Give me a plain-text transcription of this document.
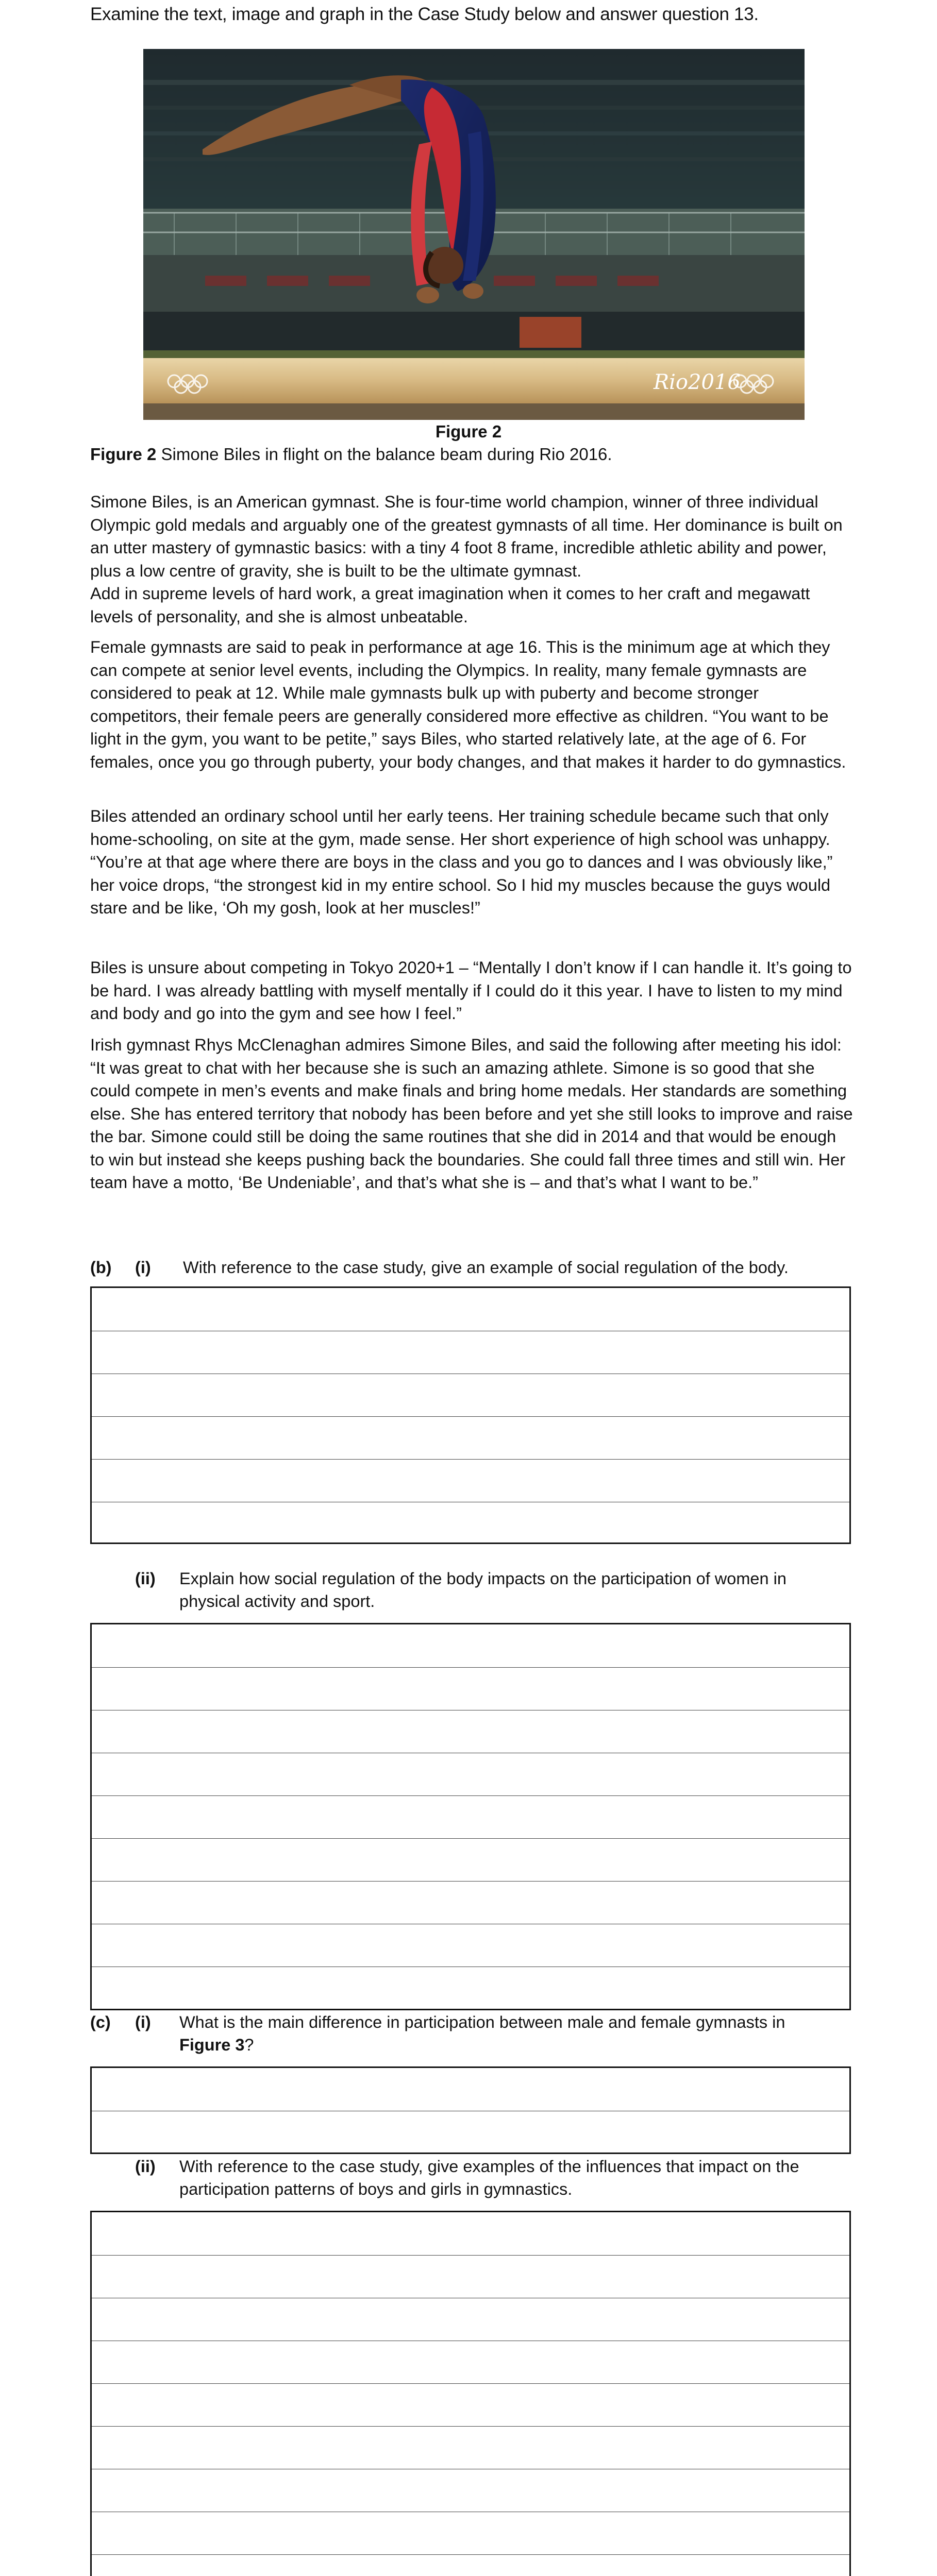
Examine the text, image and graph in the Case Study below and answer question 13.
Rio2016
Figure 2
Figure 2 Simone Biles in flight on the balance beam during Rio 2016.

Simone Biles, is an American gymnast. She is four-time world champion, winner of three individual Olympic gold medals and arguably one of the greatest gymnasts of all time. Her dominance is built on an utter mastery of gymnastic basics: with a tiny 4 foot 8 frame, incredible athletic ability and power, plus a low centre of gravity, she is built to be the ultimate gymnast.

Add in supreme levels of hard work, a great imagination when it comes to her craft and megawatt levels of personality, and she is almost unbeatable.

Female gymnasts are said to peak in performance at age 16. This is the minimum age at which they can compete at senior level events, including the Olympics. In reality, many female gymnasts are considered to peak at 12. While male gymnasts bulk up with puberty and become stronger competitors, their female peers are generally considered more effective as children. “You want to be light in the gym, you want to be petite,” says Biles, who started relatively late, at the age of 6. For females, once you go through puberty, your body changes, and that makes it harder to do gymnastics.

Biles attended an ordinary school until her early teens. Her training schedule became such that only home-schooling, on site at the gym, made sense. Her short experience of high school was unhappy. “You’re at that age where there are boys in the class and you go to dances and I was obviously like,” her voice drops, “the strongest kid in my entire school. So I hid my muscles because the guys would stare and be like, ‘Oh my gosh, look at her muscles!”

Biles is unsure about competing in Tokyo 2020+1 – “Mentally I don’t know if I can handle it. It’s going to be hard. I was already battling with myself mentally if I could do it this year. I have to listen to my mind and body and go into the gym and see how I feel.”

Irish gymnast Rhys McClenaghan admires Simone Biles, and said the following after meeting his idol: “It was great to chat with her because she is such an amazing athlete. Simone is so good that she could compete in men’s events and make finals and bring home medals. Her standards are something else. She has entered territory that nobody has been before and yet she still looks to improve and raise the bar. Simone could still be doing the same routines that she did in 2014 and that would be enough to win but instead she keeps pushing back the boundaries. She could fall three times and still win. Her team have a motto, ‘Be Undeniable’, and that’s what she is – and that’s what I want to be.”

(b) (i) With reference to the case study, give an example of social regulation of the body.
(ii) Explain how social regulation of the body impacts on the participation of women in
physical activity and sport.
(c) (i) What is the main difference in participation between male and female gymnasts in
Figure 3?
(ii) With reference to the case study, give examples of the influences that impact on the
participation patterns of boys and girls in gymnastics.
